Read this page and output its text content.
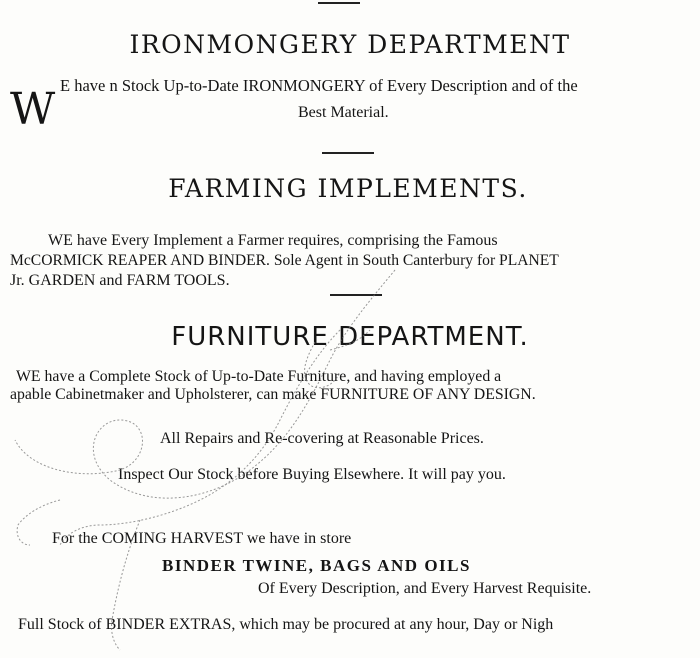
IRONMONGERY DEPARTMENT
W E have n Stock Up-to-Date IRONMONGERY of Every Description and of the
Best Material.
FARMING IMPLEMENTS.
WE have Every Implement a Farmer requires, comprising the Famous
McCORMICK REAPER AND BINDER. Sole Agent in South Canterbury for PLANET
Jr. GARDEN and FARM TOOLS.
FURNITURE DEPARTMENT.
WE have a Complete Stock of Up-to-Date Furniture, and having employed a
apable Cabinetmaker and Upholsterer, can make FURNITURE OF ANY DESIGN.
All Repairs and Re-covering at Reasonable Prices.
Inspect Our Stock before Buying Elsewhere. It will pay you.
For the COMING HARVEST we have in store
BINDER TWINE, BAGS AND OILS
Of Every Description, and Every Harvest Requisite.
Full Stock of BINDER EXTRAS, which may be procured at any hour, Day or Nigh
